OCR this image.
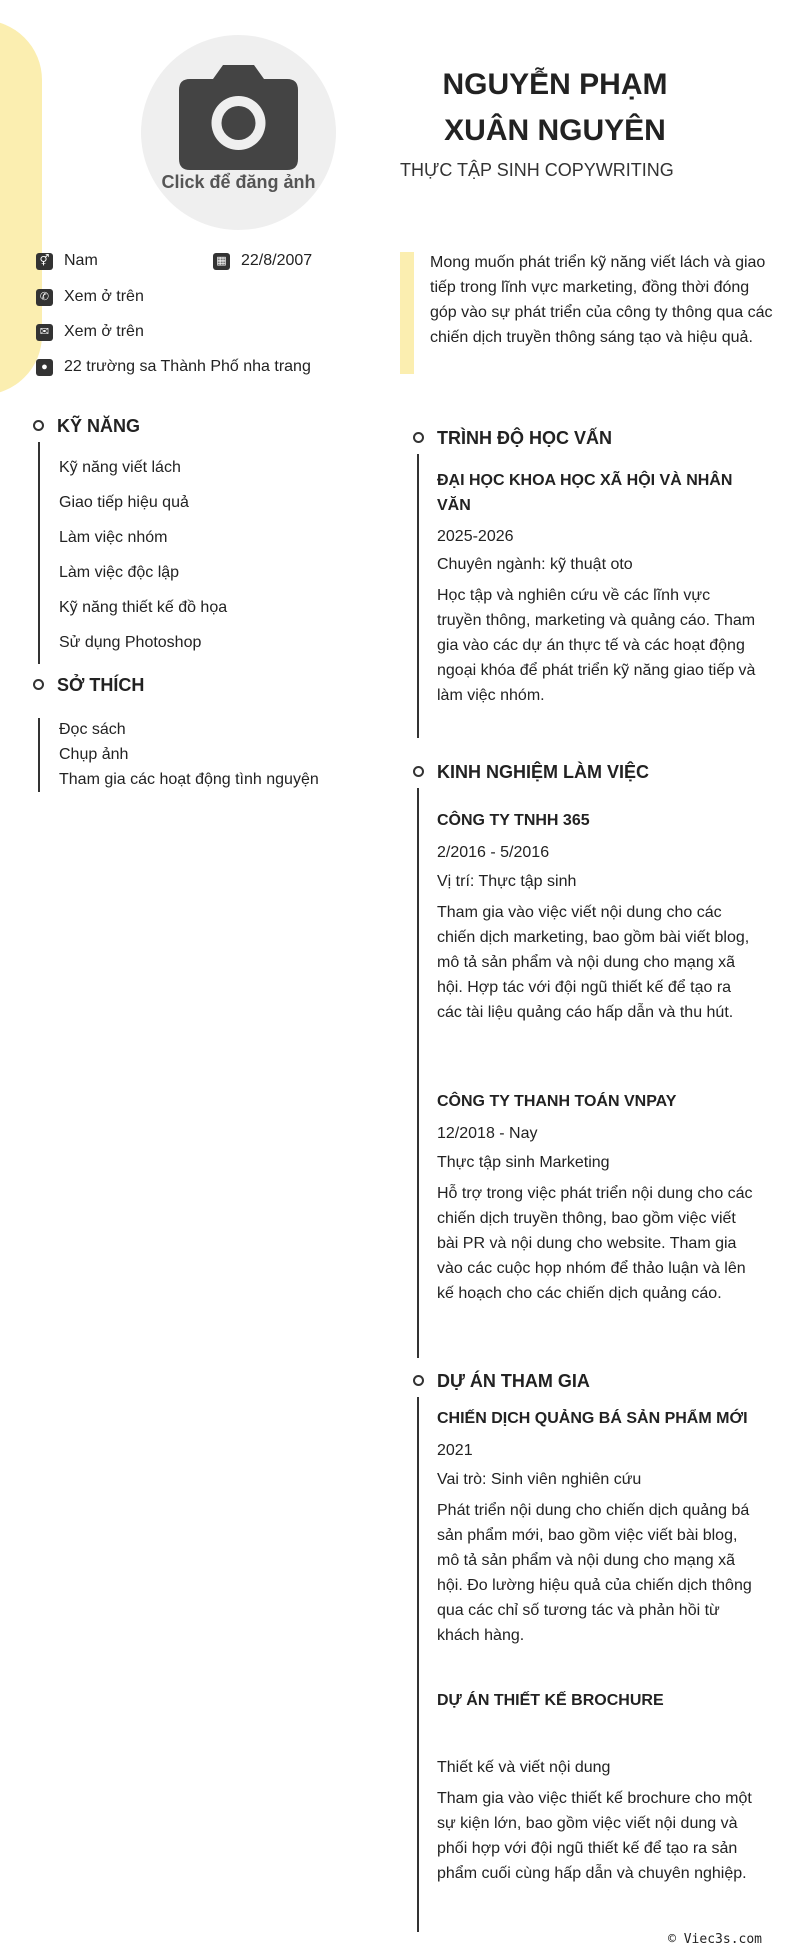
Click để đăng ảnh
NGUYỄN PHẠM XUÂN NGUYÊN
THỰC TẬP SINH COPYWRITING
⚥ Nam	▦ 22/8/2007
✆ Xem ở trên
✉ Xem ở trên
●	22 trường sa Thành Phố nha trang
Mong muốn phát triển kỹ năng viết lách và giao tiếp trong lĩnh vực marketing, đồng thời đóng góp vào sự phát triển của công ty thông qua các chiến dịch truyền thông sáng tạo và hiệu quả.
KỸ NĂNG
Kỹ năng viết lách
Giao tiếp hiệu quả
Làm việc nhóm
Làm việc độc lập
Kỹ năng thiết kế đồ họa
Sử dụng Photoshop
SỞ THÍCH
Đọc sách
Chụp ảnh
Tham gia các hoạt động tình nguyện
TRÌNH ĐỘ HỌC VẤN
ĐẠI HỌC KHOA HỌC XÃ HỘI VÀ NHÂN VĂN
2025-2026
Chuyên ngành: kỹ thuật oto
Học tập và nghiên cứu về các lĩnh vực truyền thông, marketing và quảng cáo. Tham gia vào các dự án thực tế và các hoạt động ngoại khóa để phát triển kỹ năng giao tiếp và làm việc nhóm.
KINH NGHIỆM LÀM VIỆC
CÔNG TY TNHH 365
2/2016 - 5/2016
Vị trí: Thực tập sinh
Tham gia vào việc viết nội dung cho các chiến dịch marketing, bao gồm bài viết blog, mô tả sản phẩm và nội dung cho mạng xã hội. Hợp tác với đội ngũ thiết kế để tạo ra các tài liệu quảng cáo hấp dẫn và thu hút.
CÔNG TY THANH TOÁN VNPAY
12/2018 - Nay
Thực tập sinh Marketing
Hỗ trợ trong việc phát triển nội dung cho các chiến dịch truyền thông, bao gồm việc viết bài PR và nội dung cho website. Tham gia vào các cuộc họp nhóm để thảo luận và lên kế hoạch cho các chiến dịch quảng cáo.
DỰ ÁN THAM GIA
CHIẾN DỊCH QUẢNG BÁ SẢN PHẨM MỚI
2021
Vai trò: Sinh viên nghiên cứu
Phát triển nội dung cho chiến dịch quảng bá sản phẩm mới, bao gồm việc viết bài blog, mô tả sản phẩm và nội dung cho mạng xã hội. Đo lường hiệu quả của chiến dịch thông qua các chỉ số tương tác và phản hồi từ khách hàng.
DỰ ÁN THIẾT KẾ BROCHURE
Thiết kế và viết nội dung
Tham gia vào việc thiết kế brochure cho một sự kiện lớn, bao gồm việc viết nội dung và phối hợp với đội ngũ thiết kế để tạo ra sản phẩm cuối cùng hấp dẫn và chuyên nghiệp.
© Viec3s.com
